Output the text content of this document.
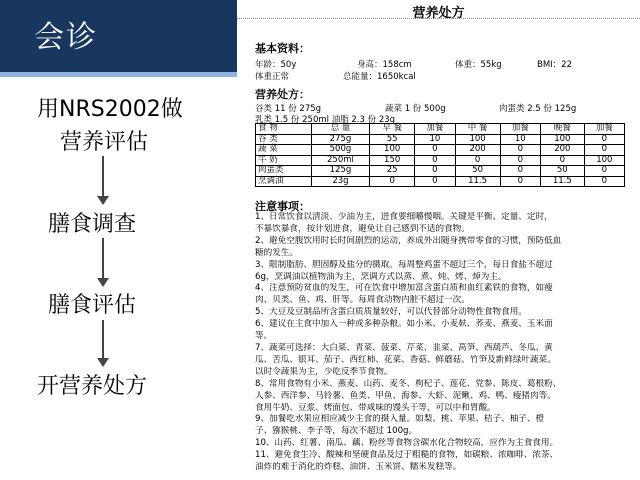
会诊
用NRS2002做
营养评估
膳食调查
膳食评估
开营养处方
营养处方
基本资料：
年龄：50y	身高：158cm	体重：55kg	BMI：22
体重正常	总能量：1650kcal
营养处方：
谷类 11 份 275g	蔬菜 1 份 500g	肉蛋类 2.5 份 125g
乳类 1.5 份 250ml 油脂 2.3 份 23g
食 物	总 量	早 餐	加餐	中 餐	加餐	晚餐	加餐
谷 类	275g	55	10	100	10	100	0
蔬 菜	500g	100	0	200	0	200	0
牛 奶	250ml	150	0	0	0	0	100
肉蛋类	125g	25	0	50	0	50	0
烹调油	23g	0	0	11.5	0	11.5	0
注意事项：

1、日常饮食以清淡、少油为主，进食要细嚼慢咽。关键是平衡、定量、定时，

不暴饮暴食，按计划进食，避免让自己感到不适的食物。

2、避免空腹饮用时长时间剧烈的运动，养成外出随身携带零食的习惯，预防低血

糖的发生。

3、限制脂肪、胆固醇及盐分的摄取。每周整鸡蛋不超过三个，每日食盐不超过

6g，烹调油以植物油为主，烹调方式以蒸、煮、炖、烤、焯为主。

4、注意预防贫血的发生，可在饮食中增加富含蛋白质和血红素铁的食物，如瘦

肉、贝类、鱼、鸡、肝等。每周食动物内脏不超过一次。

5、大豆及豆制品所含蛋白质质量较好，可以代替部分动物性食物食用。

6、建议在主食中加入一种或多种杂粮。如小米、小麦麸、荞麦、燕麦、玉米面

等。

7、蔬菜可选择：大白菜、青菜、菠菜、芹菜、韭菜、莴笋、西葫芦、冬瓜、黄

瓜、苦瓜、银耳、茄子、西红柿、花菜、香菇、鲜蘑菇、竹笋及新鲜绿叶蔬菜。

以时令蔬果为主，少吃反季节食物。

8、常用食物有小米、燕麦、山药、麦冬、枸杞子、莲花、党参、陈皮、葛根粉、

人参、西洋参、马铃薯、鱼类、甲鱼、海参、大虾、泥鳅、鸡、鸭、瘦猪肉等。

食用牛奶、豆浆、烤面包、带咸味的馒头干等，可以中和胃酸。

9、加餐吃水果应相应减少主食的摄入量。如梨、桃、苹果、桔子、柚子、橙

子、猕猴桃、李子等，每次不超过 100g。

10、山药、红薯、南瓜、藕、粉丝等食物含碳水化合物较高，应作为主食食用。

11、避免食生冷、酸辣和坚硬食品及过于粗糙的食物，如碳粮、浓咖啡、浓茶、

油炸的难于消化的炸糕、油饼、玉米饼、糯米发糕等。
